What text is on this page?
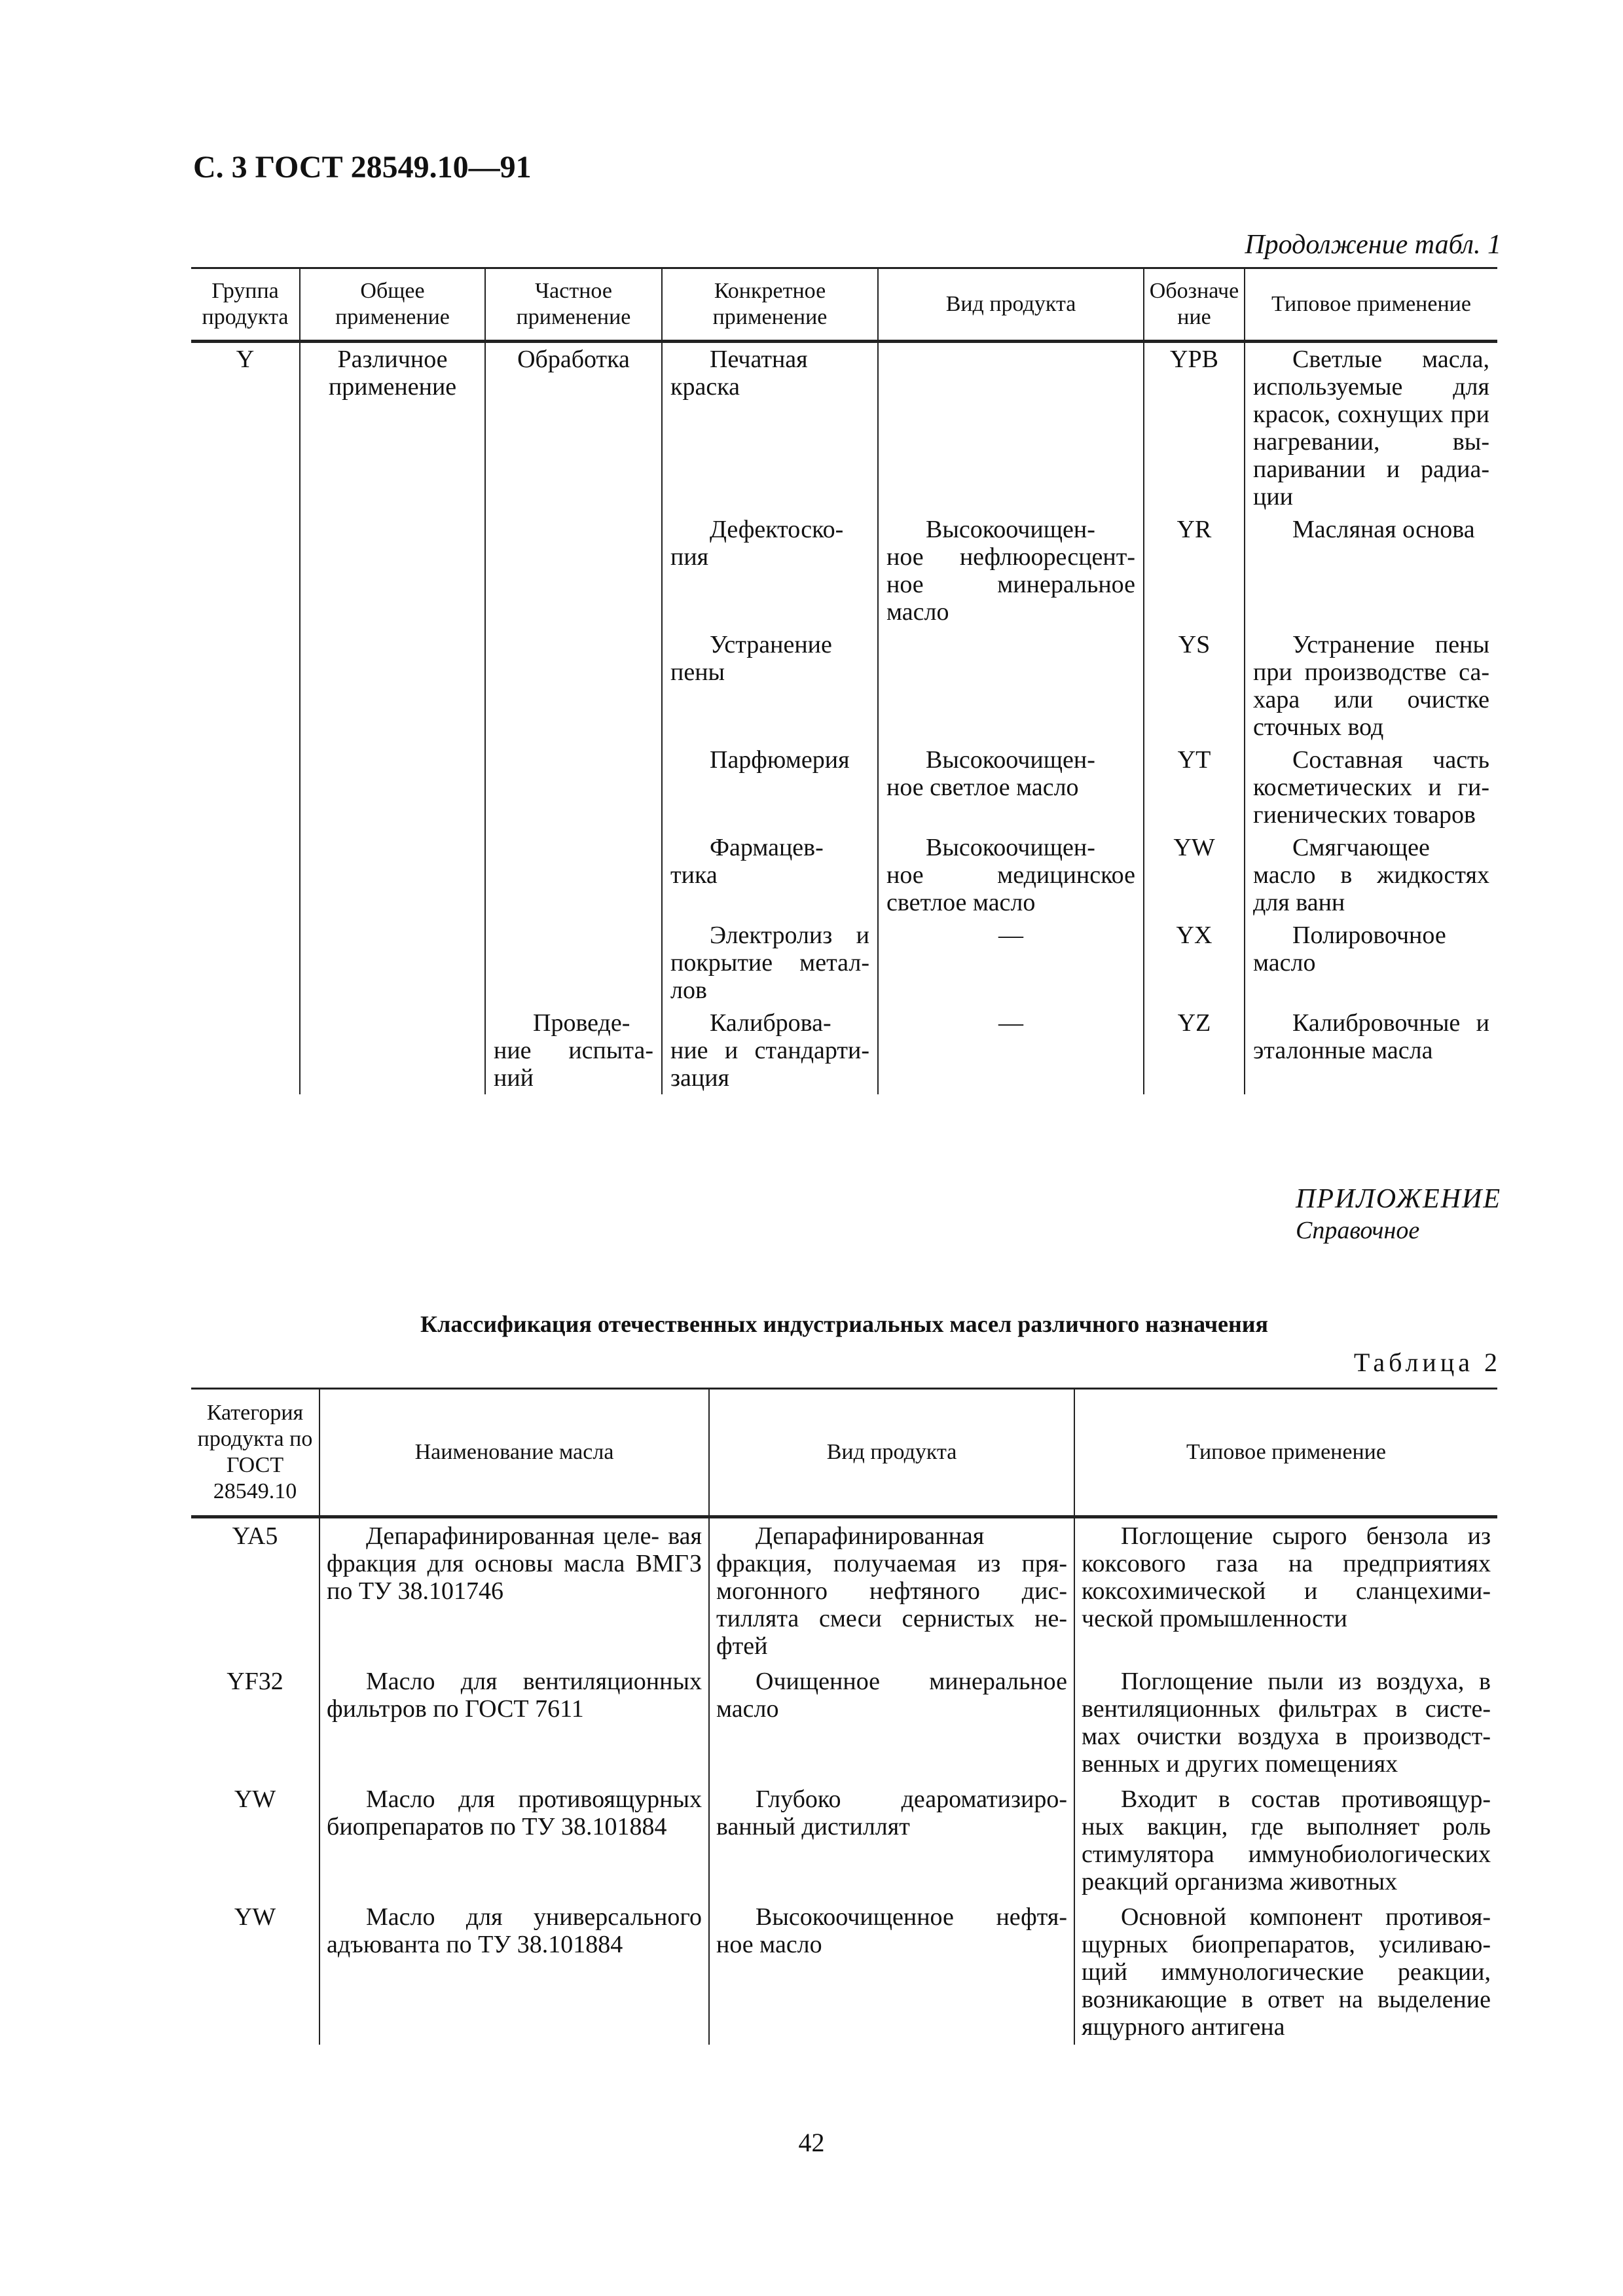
С. 3 ГОСТ 28549.10—91
Продолжение табл. 1
Группа продукта	Общее применение	Частное применение	Конкретное применение	Вид продукта	Обозначе ние	Типовое применение
Y	Различное применение	Обработка	Печатная краска		YPB	Светлые масла, используемые для красок, сохнущих при нагревании, вы- паривании и радиа- ции
			Дефектоско- пия	Высокоочищен- ное нефлюоресцент- ное минеральное масло	YR	Масляная основа
			Устранение пены		YS	Устранение пены при производстве са- хара или очистке сточных вод
			Парфюмерия	Высокоочищен- ное светлое масло	YT	Составная часть косметических и ги- гиенических товаров
			Фармацев- тика	Высокоочищен- ное медицинское светлое масло	YW	Смягчающее масло в жидкостях для ванн
			Электролиз и покрытие метал- лов	—	YX	Полировочное масло
		Проведе- ние испыта- ний	Калиброва- ние и стандарти- зация	—	YZ	Калибровочные и эталонные масла
ПРИЛОЖЕНИЕ
Справочное
Классификация отечественных индустриальных масел различного назначения
Таблица 2
Категория продукта по ГОСТ 28549.10	Наименование масла	Вид продукта	Типовое применение
YA5	Депарафинированная целе- вая фракция для основы масла ВМГЗ по ТУ 38.101746	Депарафинированная фракция, получаемая из пря- могонного нефтяного дис- тиллята смеси сернистых не- фтей	Поглощение сырого бензола из коксового газа на предприятиях коксохимической и сланцехими- ческой промышленности
YF32	Масло для вентиляционных фильтров по ГОСТ 7611	Очищенное минеральное масло	Поглощение пыли из воздуха, в вентиляционных фильтрах в систе- мах очистки воздуха в производст- венных и других помещениях
YW	Масло для противоящурных биопрепаратов по ТУ 38.101884	Глубоко деароматизиро- ванный дистиллят	Входит в состав противоящур- ных вакцин, где выполняет роль стимулятора иммунобиологических реакций организма животных
YW	Масло для универсального адъюванта по ТУ 38.101884	Высокоочищенное нефтя- ное масло	Основной компонент противоя- щурных биопрепаратов, усиливаю- щий иммунологические реакции, возникающие в ответ на выделение ящурного антигена
42
